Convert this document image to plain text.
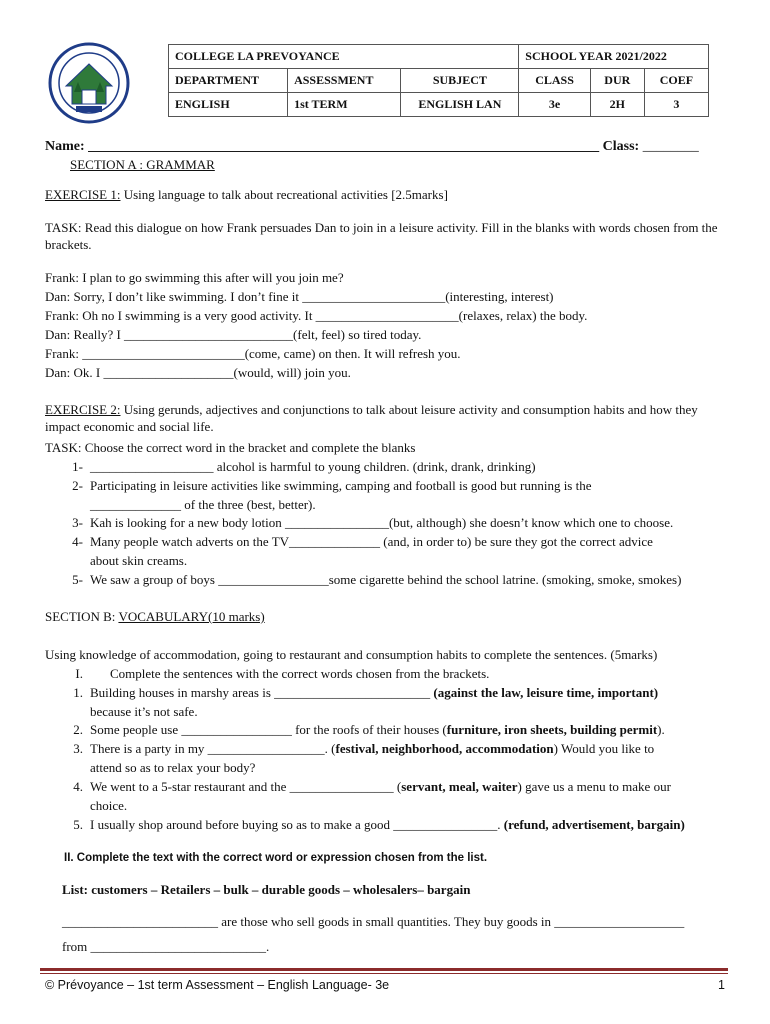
COLLEGE LA PREVOYANCE			SCHOOL YEAR 2021/2022		
DEPARTMENT	ASSESSMENT	SUBJECT	CLASS	DUR	COEF
ENGLISH	1st TERM	ENGLISH LAN	3e	2H	3
Name: _________________________________________________________________________ Class: ________
SECTION A : GRAMMAR
EXERCISE 1: Using language to talk about recreational activities [2.5marks]
TASK: Read this dialogue on how Frank persuades Dan to join in a leisure activity. Fill in the blanks with words chosen from the brackets.
Frank: I plan to go swimming this after will you join me?
Dan: Sorry, I don’t like swimming. I don’t fine it ______________________(interesting, interest)
Frank: Oh no I swimming is a very good activity. It ______________________(relaxes, relax) the body.
Dan: Really? I __________________________(felt, feel) so tired today.
Frank: _________________________(come, came) on then. It will refresh you.
Dan: Ok. I ____________________(would, will) join you.
EXERCISE 2: Using gerunds, adjectives and conjunctions to talk about leisure activity and consumption habits and how they impact economic and social life.
TASK: Choose the correct word in the bracket and complete the blanks
1- ___________________ alcohol is harmful to young children. (drink, drank, drinking)
2- Participating in leisure activities like swimming, camping and football is good but running is the
______________ of the three (best, better).
3- Kah is looking for a new body lotion ________________(but, although) she doesn’t know which one to choose.
4- Many people watch adverts on the TV______________ (and, in order to) be sure they got the correct advice
about skin creams.
5- We saw a group of boys _________________some cigarette behind the school latrine. (smoking, smoke, smokes)
SECTION B: VOCABULARY(10 marks)
Using knowledge of accommodation, going to restaurant and consumption habits to complete the sentences. (5marks)
I. Complete the sentences with the correct words chosen from the brackets.
1. Building houses in marshy areas is ________________________ (against the law, leisure time, important)
because it’s not safe.
2. Some people use _________________ for the roofs of their houses (furniture, iron sheets, building permit).
3. There is a party in my __________________. (festival, neighborhood, accommodation) Would you like to
attend so as to relax your body?
4. We went to a 5-star restaurant and the ________________ (servant, meal, waiter) gave us a menu to make our
choice.
5. I usually shop around before buying so as to make a good ________________. (refund, advertisement, bargain)
II. Complete the text with the correct word or expression chosen from the list.
List: customers – Retailers – bulk – durable goods – wholesalers– bargain
________________________ are those who sell goods in small quantities. They buy goods in ____________________
from ___________________________.
© Prévoyance – 1st term Assessment – English Language- 3e	1
